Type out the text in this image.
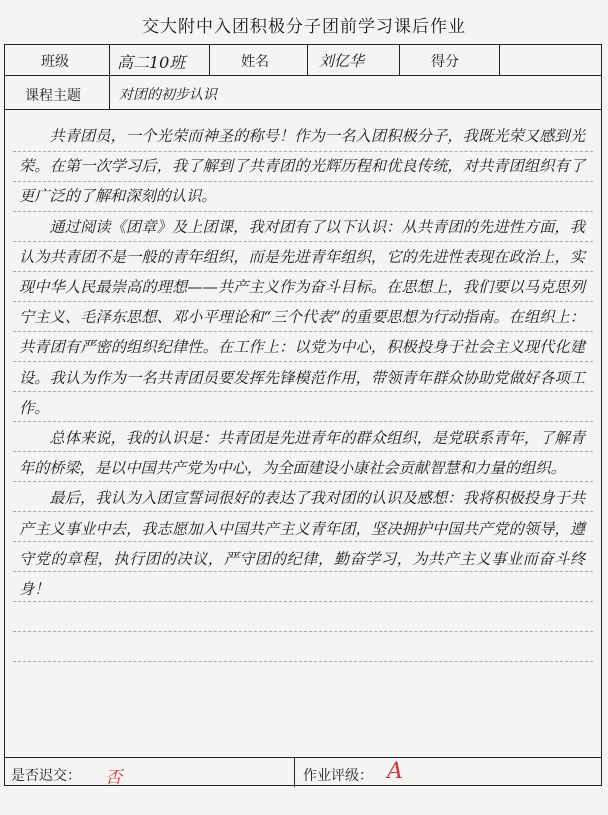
交大附中入团积极分子团前学习课后作业
班级	高二10班	姓名	刘亿华	得分
课程主题	对团的初步认识

共青团员，一个光荣而神圣的称号！作为一名入团积极分子，我既光荣又感到光荣。在第一次学习后，我了解到了共青团的光辉历程和优良传统，对共青团组织有了更广泛的了解和深刻的认识。

通过阅读《团章》及上团课，我对团有了以下认识：从共青团的先进性方面，我认为共青团不是一般的青年组织，而是先进青年组织，它的先进性表现在政治上，实现中华人民最崇高的理想——共产主义作为奋斗目标。在思想上，我们要以马克思列宁主义、毛泽东思想、邓小平理论和“三个代表”的重要思想为行动指南。在组织上：共青团有严密的组织纪律性。在工作上：以党为中心，积极投身于社会主义现代化建设。我认为作为一名共青团员要发挥先锋模范作用，带领青年群众协助党做好各项工作。

总体来说，我的认识是：共青团是先进青年的群众组织，是党联系青年，了解青年的桥梁，是以中国共产党为中心，为全面建设小康社会贡献智慧和力量的组织。

最后，我认为入团宣誓词很好的表达了我对团的认识及感想：我将积极投身于共产主义事业中去，我志愿加入中国共产主义青年团，坚决拥护中国共产党的领导，遵守党的章程，执行团的决议，严守团的纪律，勤奋学习，为共产主义事业而奋斗终身！

是否迟交： 否	作业评级： A
